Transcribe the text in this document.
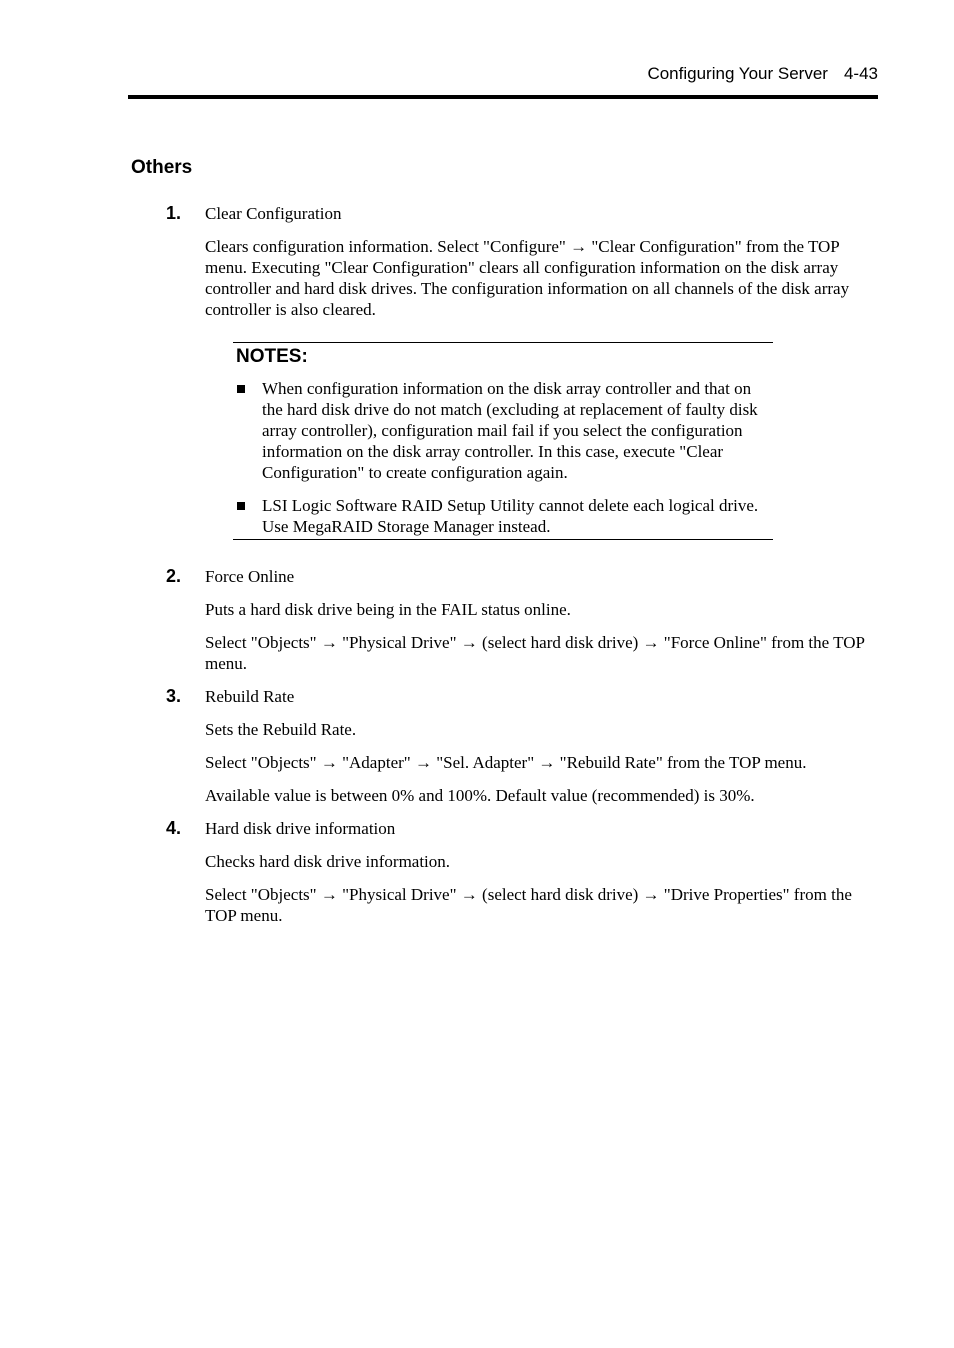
Configuring Your Server 4-43
Others
1. Clear Configuration

Clears configuration information. Select "Configure" → "Clear Configuration" from the TOP menu. Executing "Clear Configuration" clears all configuration information on the disk array controller and hard disk drives. The configuration information on all channels of the disk array controller is also cleared.

NOTES:
When configuration information on the disk array controller and that on the hard disk drive do not match (excluding at replacement of faulty disk array controller), configuration mail fail if you select the configuration information on the disk array controller. In this case, execute "Clear Configuration" to create configuration again.
LSI Logic Software RAID Setup Utility cannot delete each logical drive. Use MegaRAID Storage Manager instead.
2. Force Online

Puts a hard disk drive being in the FAIL status online.

Select "Objects" → "Physical Drive" → (select hard disk drive) → "Force Online" from the TOP menu.

3. Rebuild Rate

Sets the Rebuild Rate.

Select "Objects" → "Adapter" → "Sel. Adapter" → "Rebuild Rate" from the TOP menu.

Available value is between 0% and 100%. Default value (recommended) is 30%.

4. Hard disk drive information

Checks hard disk drive information.

Select "Objects" → "Physical Drive" → (select hard disk drive) → "Drive Properties" from the TOP menu.
